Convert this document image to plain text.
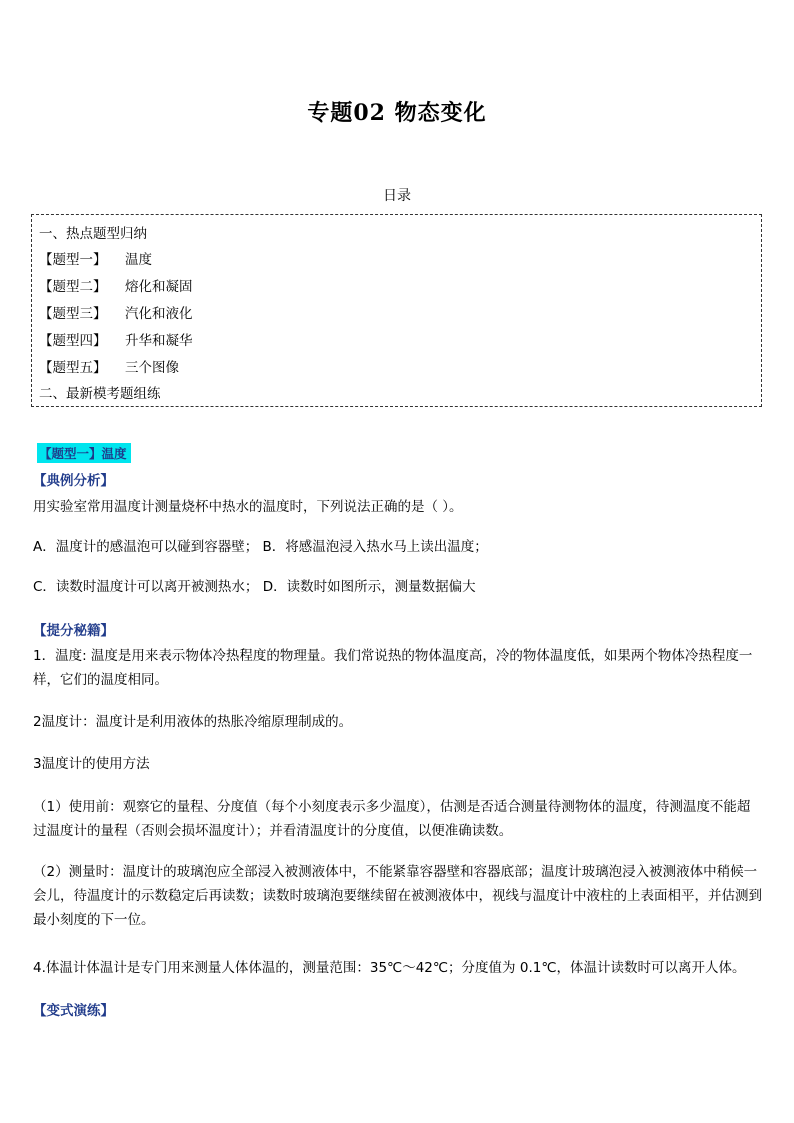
专题02 物态变化
日录
一、热点题型归纳
【题型一】 温度
【题型二】 熔化和凝固
【题型三】 汽化和液化
【题型四】 升华和凝华
【题型五】 三个图像
二、最新模考题组练
【题型一】温度
【典例分析】
用实验室常用温度计测量烧杯中热水的温度时，下列说法正确的是（ ）。
A．温度计的感温泡可以碰到容器壁； B．将感温泡浸入热水马上读出温度；
C．读数时温度计可以离开被测热水； D．读数时如图所示，测量数据偏大
【提分秘籍】
1．温度: 温度是用来表示物体冷热程度的物理量。我们常说热的物体温度高，冷的物体温度低，如果两个物体冷热程度一样，它们的温度相同。
2温度计：温度计是利用液体的热胀冷缩原理制成的。
3温度计的使用方法
（1）使用前：观察它的量程、分度值（每个小刻度表示多少温度），估测是否适合测量待测物体的温度，待测温度不能超过温度计的量程（否则会损坏温度计）；并看清温度计的分度值，以便准确读数。
（2）测量时：温度计的玻璃泡应全部浸入被测液体中，不能紧靠容器壁和容器底部；温度计玻璃泡浸入被测液体中稍候一会儿，待温度计的示数稳定后再读数；读数时玻璃泡要继续留在被测液体中，视线与温度计中液柱的上表面相平，并估测到最小刻度的下一位。
4.体温计体温计是专门用来测量人体体温的，测量范围：35℃～42℃；分度值为 0.1℃，体温计读数时可以离开人体。
【变式演练】
